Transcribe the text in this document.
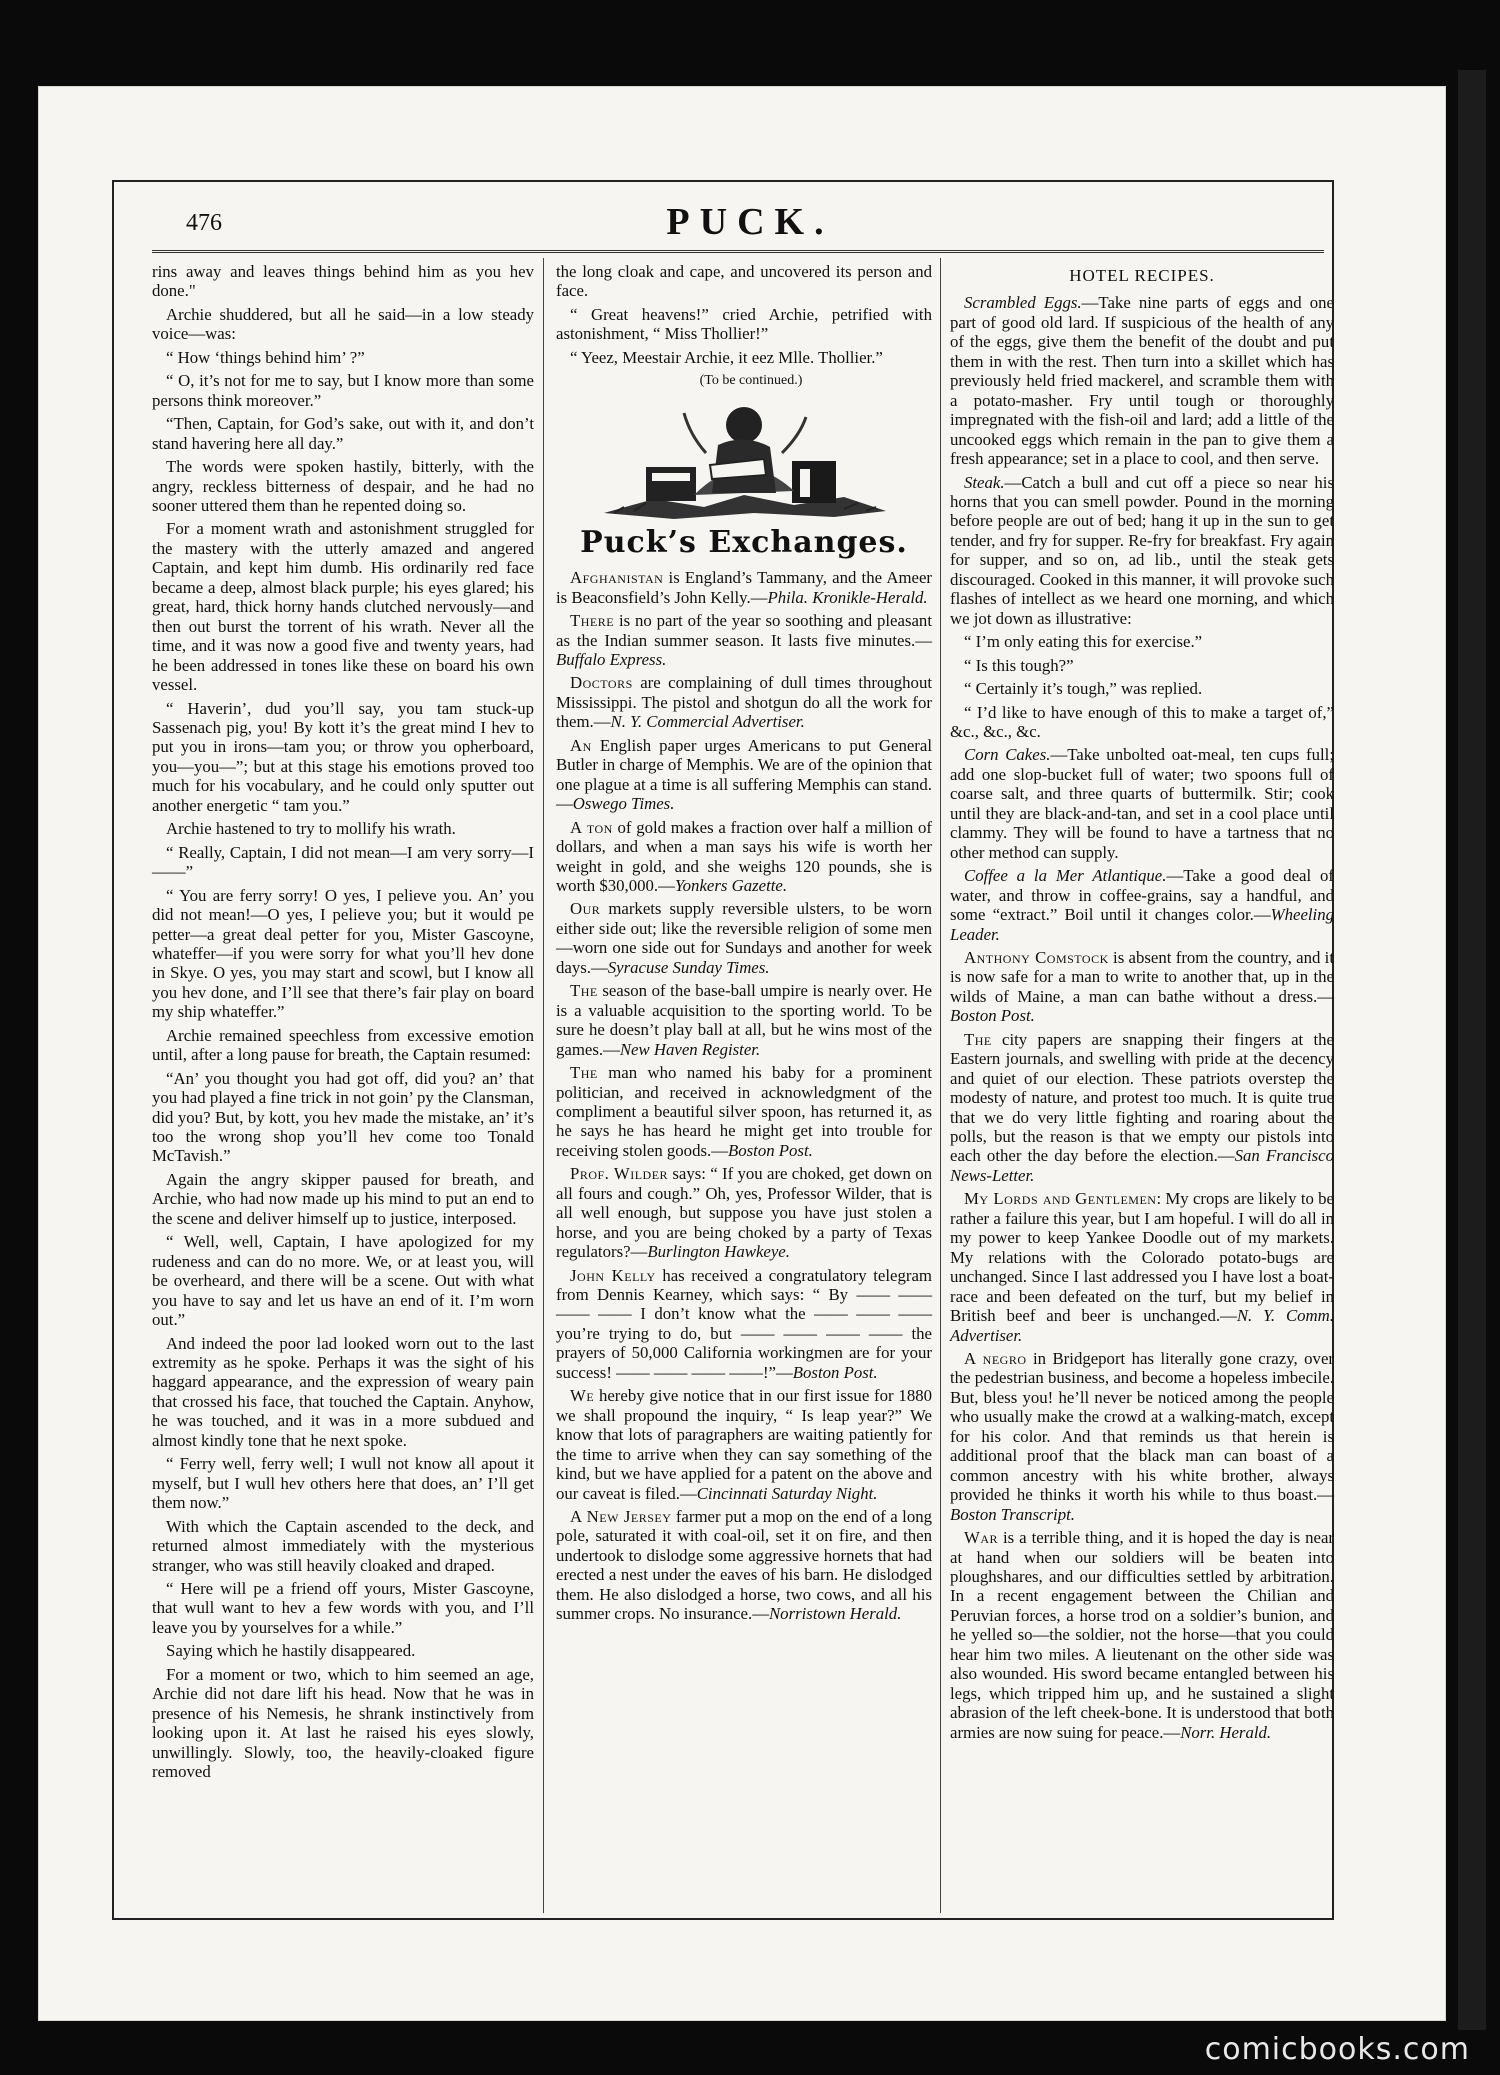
476	PUCK.

rins away and leaves things behind him as you hev done."

Archie shuddered, but all he said—in a low steady voice—was:

“ How ‘things behind him’ ?”

“ O, it’s not for me to say, but I know more than some persons think moreover.”

“Then, Captain, for God’s sake, out with it, and don’t stand havering here all day.”

The words were spoken hastily, bitterly, with the angry, reckless bitterness of despair, and he had no sooner uttered them than he repented doing so.

For a moment wrath and astonishment struggled for the mastery with the utterly amazed and angered Captain, and kept him dumb. His ordinarily red face became a deep, almost black purple; his eyes glared; his great, hard, thick horny hands clutched nervously—and then out burst the torrent of his wrath. Never all the time, and it was now a good five and twenty years, had he been addressed in tones like these on board his own vessel.

“ Haverin’, dud you’ll say, you tam stuck-up Sassenach pig, you! By kott it’s the great mind I hev to put you in irons—tam you; or throw you opherboard, you—you—”; but at this stage his emotions proved too much for his vocabulary, and he could only sputter out another energetic “ tam you.”

Archie hastened to try to mollify his wrath.

“ Really, Captain, I did not mean—I am very sorry—I——”

“ You are ferry sorry! O yes, I pelieve you. An’ you did not mean!—O yes, I pelieve you; but it would pe petter—a great deal petter for you, Mister Gascoyne, whateffer—if you were sorry for what you’ll hev done in Skye. O yes, you may start and scowl, but I know all you hev done, and I’ll see that there’s fair play on board my ship whateffer.”

Archie remained speechless from excessive emotion until, after a long pause for breath, the Captain resumed:

“An’ you thought you had got off, did you? an’ that you had played a fine trick in not goin’ py the Clansman, did you? But, by kott, you hev made the mistake, an’ it’s too the wrong shop you’ll hev come too Tonald McTavish.”

Again the angry skipper paused for breath, and Archie, who had now made up his mind to put an end to the scene and deliver himself up to justice, interposed.

“ Well, well, Captain, I have apologized for my rudeness and can do no more. We, or at least you, will be overheard, and there will be a scene. Out with what you have to say and let us have an end of it. I’m worn out.”

And indeed the poor lad looked worn out to the last extremity as he spoke. Perhaps it was the sight of his haggard appearance, and the expression of weary pain that crossed his face, that touched the Captain. Anyhow, he was touched, and it was in a more subdued and almost kindly tone that he next spoke.

“ Ferry well, ferry well; I wull not know all apout it myself, but I wull hev others here that does, an’ I’ll get them now.”

With which the Captain ascended to the deck, and returned almost immediately with the mysterious stranger, who was still heavily cloaked and draped.

“ Here will pe a friend off yours, Mister Gascoyne, that wull want to hev a few words with you, and I’ll leave you by yourselves for a while.”

Saying which he hastily disappeared.

For a moment or two, which to him seemed an age, Archie did not dare lift his head. Now that he was in presence of his Nemesis, he shrank instinctively from looking upon it. At last he raised his eyes slowly, unwillingly. Slowly, too, the heavily-cloaked figure removed

the long cloak and cape, and uncovered its person and face.

“ Great heavens!” cried Archie, petrified with astonishment, “ Miss Thollier!”

“ Yeez, Meestair Archie, it eez Mlle. Thollier.”

(To be continued.)

Puck’s Exchanges.

Afghanistan is England’s Tammany, and the Ameer is Beaconsfield’s John Kelly.—Phila. Kronikle-Herald.

There is no part of the year so soothing and pleasant as the Indian summer season. It lasts five minutes.—Buffalo Express.

Doctors are complaining of dull times throughout Mississippi. The pistol and shotgun do all the work for them.—N. Y. Commercial Advertiser.

An English paper urges Americans to put General Butler in charge of Memphis. We are of the opinion that one plague at a time is all suffering Memphis can stand.—Oswego Times.

A ton of gold makes a fraction over half a million of dollars, and when a man says his wife is worth her weight in gold, and she weighs 120 pounds, she is worth $30,000.—Yonkers Gazette.

Our markets supply reversible ulsters, to be worn either side out; like the reversible religion of some men—worn one side out for Sundays and another for week days.—Syracuse Sunday Times.

The season of the base-ball umpire is nearly over. He is a valuable acquisition to the sporting world. To be sure he doesn’t play ball at all, but he wins most of the games.—New Haven Register.

The man who named his baby for a prominent politician, and received in acknowledgment of the compliment a beautiful silver spoon, has returned it, as he says he has heard he might get into trouble for receiving stolen goods.—Boston Post.

Prof. Wilder says: “ If you are choked, get down on all fours and cough.” Oh, yes, Professor Wilder, that is all well enough, but suppose you have just stolen a horse, and you are being choked by a party of Texas regulators?—Burlington Hawkeye.

John Kelly has received a congratulatory telegram from Dennis Kearney, which says: “ By —— —— —— —— I don’t know what the —— —— —— you’re trying to do, but —— —— —— —— the prayers of 50,000 California workingmen are for your success! —— —— —— ——!”—Boston Post.

We hereby give notice that in our first issue for 1880 we shall propound the inquiry, “ Is leap year?” We know that lots of paragraphers are waiting patiently for the time to arrive when they can say something of the kind, but we have applied for a patent on the above and our caveat is filed.—Cincinnati Saturday Night.

A New Jersey farmer put a mop on the end of a long pole, saturated it with coal-oil, set it on fire, and then undertook to dislodge some aggressive hornets that had erected a nest under the eaves of his barn. He dislodged them. He also dislodged a horse, two cows, and all his summer crops. No insurance.—Norristown Herald.

HOTEL RECIPES.

Scrambled Eggs.—Take nine parts of eggs and one part of good old lard. If suspicious of the health of any of the eggs, give them the benefit of the doubt and put them in with the rest. Then turn into a skillet which has previously held fried mackerel, and scramble them with a potato-masher. Fry until tough or thoroughly impregnated with the fish-oil and lard; add a little of the uncooked eggs which remain in the pan to give them a fresh appearance; set in a place to cool, and then serve.

Steak.—Catch a bull and cut off a piece so near his horns that you can smell powder. Pound in the morning before people are out of bed; hang it up in the sun to get tender, and fry for supper. Re-fry for breakfast. Fry again for supper, and so on, ad lib., until the steak gets discouraged. Cooked in this manner, it will provoke such flashes of intellect as we heard one morning, and which we jot down as illustrative:

“ I’m only eating this for exercise.”

“ Is this tough?”

“ Certainly it’s tough,” was replied.

“ I’d like to have enough of this to make a target of,” &c., &c., &c.

Corn Cakes.—Take unbolted oat-meal, ten cups full; add one slop-bucket full of water; two spoons full of coarse salt, and three quarts of buttermilk. Stir; cook until they are black-and-tan, and set in a cool place until clammy. They will be found to have a tartness that no other method can supply.

Coffee a la Mer Atlantique.—Take a good deal of water, and throw in coffee-grains, say a handful, and some “extract.” Boil until it changes color.—Wheeling Leader.

Anthony Comstock is absent from the country, and it is now safe for a man to write to another that, up in the wilds of Maine, a man can bathe without a dress.—Boston Post.

The city papers are snapping their fingers at the Eastern journals, and swelling with pride at the decency and quiet of our election. These patriots overstep the modesty of nature, and protest too much. It is quite true that we do very little fighting and roaring about the polls, but the reason is that we empty our pistols into each other the day before the election.—San Francisco News-Letter.

My Lords and Gentlemen: My crops are likely to be rather a failure this year, but I am hopeful. I will do all in my power to keep Yankee Doodle out of my markets. My relations with the Colorado potato-bugs are unchanged. Since I last addressed you I have lost a boat-race and been defeated on the turf, but my belief in British beef and beer is unchanged.—N. Y. Comm. Advertiser.

A negro in Bridgeport has literally gone crazy, over the pedestrian business, and become a hopeless imbecile. But, bless you! he’ll never be noticed among the people who usually make the crowd at a walking-match, except for his color. And that reminds us that herein is additional proof that the black man can boast of a common ancestry with his white brother, always provided he thinks it worth his while to thus boast.—Boston Transcript.

War is a terrible thing, and it is hoped the day is near at hand when our soldiers will be beaten into ploughshares, and our difficulties settled by arbitration. In a recent engagement between the Chilian and Peruvian forces, a horse trod on a soldier’s bunion, and he yelled so—the soldier, not the horse—that you could hear him two miles. A lieutenant on the other side was also wounded. His sword became entangled between his legs, which tripped him up, and he sustained a slight abrasion of the left cheek-bone. It is understood that both armies are now suing for peace.—Norr. Herald.

comicbooks.com
